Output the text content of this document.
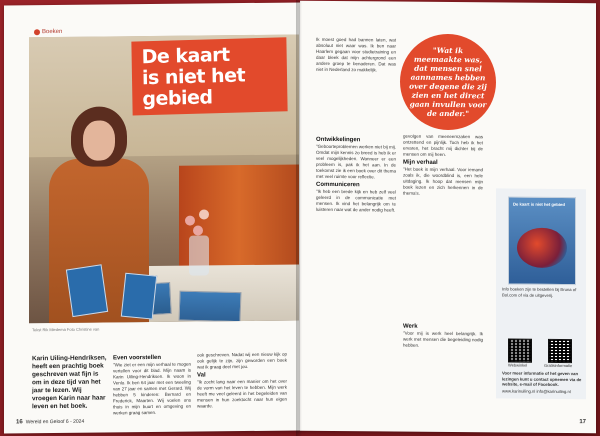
Boeken
De kaart
is niet het
gebied
Tekst Rik Miedema Foto Christine van
Karin Uiling-Hendriksen, heeft een prachtig boek geschreven wat fijn is om in deze tijd van het jaar te lezen. Wij vroegen Karin naar haar leven en het boek.
Even voorstellen
"Wie ziet er een mijn verhaal te mogen vertellen voor dit blad. Mijn naam is Karin Uiling-Hendriksen. Ik woon in Venlo. Ik ben 64 jaar met een tweeling van 27 jaar en samen met Gerard. Wij hebben 5 kinderen: Bernard en Frederick, Maarten. Wij voelen ons thuis in mijn buurt en omgeving en werken graag samen.
ook geschreven. Nadat wij een nieuw kijk op ook gelijk te zijn, zijn geworden een boek wat ik graag deel met jou.
Val
"Ik zocht lang naar een manier om het over de vorm van het leven te hebben. Mijn werk heeft me veel geleerd in het begeleiden van mensen in hun zoektocht naar hun eigen waarde.
16 Wereld en Geloof 6 - 2024
Ik moest goed had bannen laten, wat absoluut niet waar was. Ik ben naar Haarlem gegaan voor studietraining en daar bleek dat mijn achtergrond een andere groep te benaderen. Dat was niet in Nederland zo makkelijk.
"Wat ik meemaakte was, dat mensen snel aannames hebben over degene die zij zien en het direct gaan invullen voor de ander."
Ontwikkelingen
"Geboorteproblemen werken niet bij mij. Omdat mijn kennis zo breed is heb ik er veel mogelijkheden. Wanneer er een probleem is, pak ik het aan. In de toekomst zie ik een boek over dit thema met veel ruimte voor reflectie.
Communiceren
"Ik heb een brede kijk en heb zelf veel geleerd in de communicatie met mensen. Ik vind het belangrijk om te luisteren naar wat de ander nodig heeft.
gevolgen van meeneemzaken was ontzettend en pijnlijk. Toch heb ik het ervaren, het bracht mij dichter bij de mensen om mij heen.
Mijn verhaal
"Het boek is mijn verhaal. Voor iemand zoals ik, die woordblind is, een hele uitdaging. Ik hoop dat mensen mijn boek lezen en zich herkennen in de thema's.
Werk
"Voor mij is werk heel belangrijk. Ik werk met mensen die begeleiding nodig hebben.
De kaart is niet het gebied
Info boeken zijn te bestellen bij Bruna of Bol.com of via de uitgeverij.
Webwinkel	Gratisinformatie
Voor meer informatie of het geven van lezingen kunt u contact opnemen via de website, e-mail of Facebook.
www.karinuiling.nl info@karinuiling.nl
17
